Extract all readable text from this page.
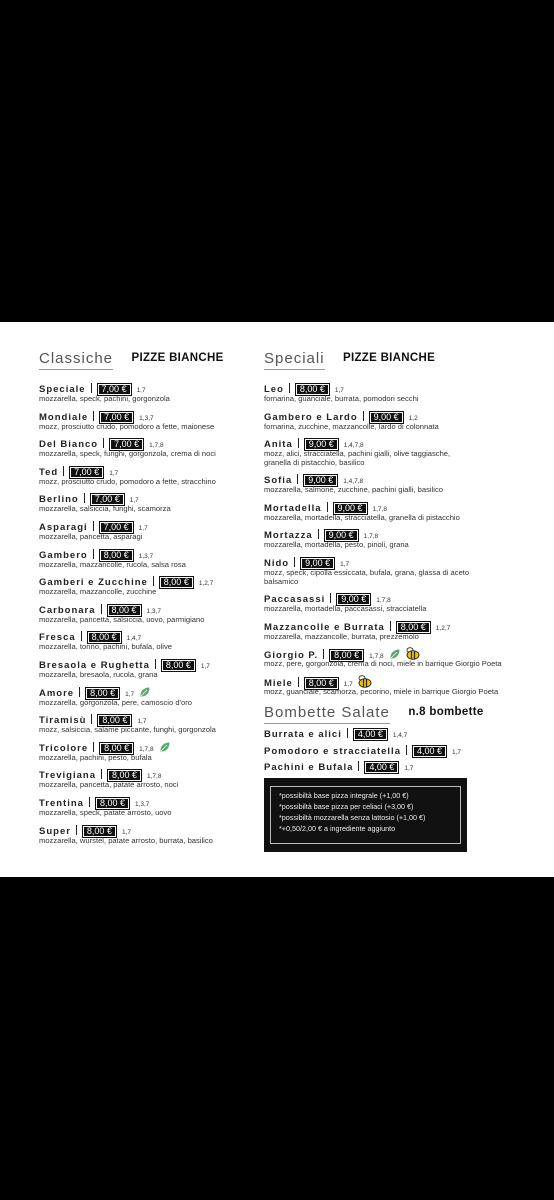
Classiche PIZZE BIANCHE
Speciale 7,00 € 1,7
mozzarella, speck, pachini, gorgonzola
Mondiale 7,00 € 1,3,7
mozz, prosciutto crudo, pomodoro a fette, maionese
Del Bianco 7,00 € 1,7,8
mozzarella, speck, funghi, gorgonzola, crema di noci
Ted 7,00 € 1,7
mozz, prosciutto crudo, pomodoro a fette, stracchino
Berlino 7,00 € 1,7
mozzarella, salsiccia, funghi, scamorza
Asparagi 7,00 € 1,7
mozzarella, pancetta, asparagi
Gambero 8,00 € 1,3,7
mozzarella, mazzancolle, rucola, salsa rosa
Gamberi e Zucchine 8,00 € 1,2,7
mozzarella, mazzancolle, zucchine
Carbonara 8,00 € 1,3,7
mozzarella, pancetta, salsiccia, uovo, parmigiano
Fresca 8,00 € 1,4,7
mozzarella, tonno, pachini, bufala, olive
Bresaola e Rughetta 8,00 € 1,7
mozzarella, bresaola, rucola, grana
Amore 8,00 € 1,7
mozzarella, gorgonzola, pere, camoscio d'oro
Tiramisù 8,00 € 1,7
mozz, salsiccia, salame piccante, funghi, gorgonzola
Tricolore 8,00 € 1,7,8
mozzarella, pachini, pesto, bufala
Trevigiana 8,00 € 1,7,8
mozzarella, pancetta, patate arrosto, noci
Trentina 8,00 € 1,3,7
mozzarella, speck, patate arrosto, uovo
Super 8,00 € 1,7
mozzarella, wurstel, patate arrosto, burrata, basilico
Speciali PIZZE BIANCHE
Leo 8,00 € 1,7
fornarina, guanciale, burrata, pomodori secchi
Gambero e Lardo 9,00 € 1,2
fornarina, zucchine, mazzancolle, lardo di colonnata
Anita 9,00 € 1,4,7,8
mozz, alici, stracciatella, pachini gialli, olive taggiasche, granella di pistacchio, basilico
Sofia 9,00 € 1,4,7,8
mozzarella, salmone, zucchine, pachini gialli, basilico
Mortadella 9,00 € 1,7,8
mozzarella, mortadella, stracciatella, granella di pistacchio
Mortazza 9,00 € 1,7,8
mozzarella, mortadella, pesto, pinoli, grana
Nido 9,00 € 1,7
mozz, speck, cipolla essiccata, bufala, grana, glassa di aceto balsamico
Paccasassi 9,00 € 1,7,8
mozzarella, mortadella, paccasassi, stracciatella
Mazzancolle e Burrata 8,00 € 1,2,7
mozzarella, mazzancolle, burrata, prezzemolo
Giorgio P. 8,00 € 1,7,8
mozz, pere, gorgonzola, crema di noci, miele in barrique Giorgio Poeta
Miele 8,00 € 1,7
mozz, guanciale, scamorza, pecorino, miele in barrique Giorgio Poeta
Bombette Salate n.8 bombette
Burrata e alici 4,00 € 1,4,7
Pomodoro e stracciatella 4,00 € 1,7
Pachini e Bufala 4,00 € 1,7
*possibiltà base pizza integrale (+1,00 €)
*possibiltà base pizza per celiaci (+3,00 €)
*possibiltà mozzarella senza lattosio (+1,00 €)
*+0,50/2,00 € a ingrediente aggiunto
